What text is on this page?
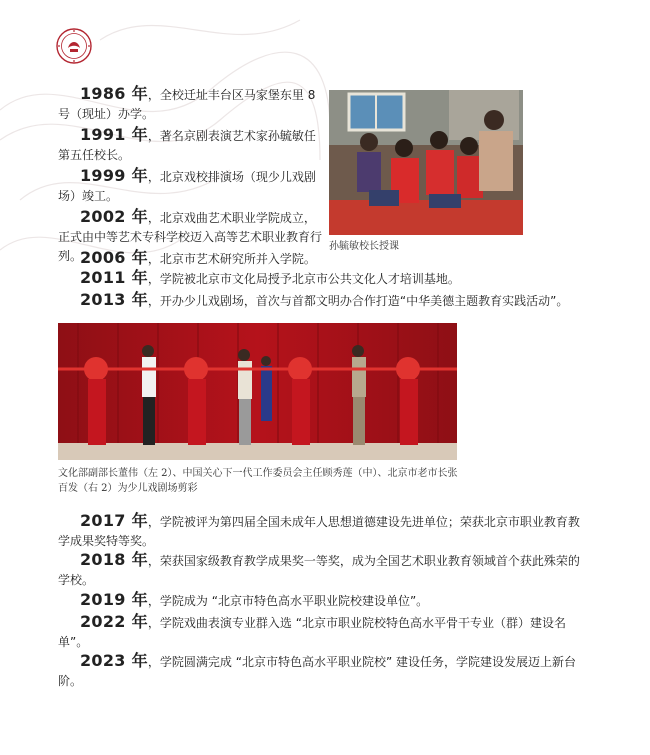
1986 年，全校迁址丰台区马家堡东里 8 号（现址）办学。
1991 年，著名京剧表演艺术家孙毓敏任第五任校长。
1999 年，北京戏校排演场（现少儿戏剧场）竣工。
2002 年，北京戏曲艺术职业学院成立，正式由中等艺术专科学校迈入高等艺术职业教育行列。
2006 年，北京市艺术研究所并入学院。
2011 年，学院被北京市文化局授予北京市公共文化人才培训基地。
2013 年，开办少儿戏剧场，首次与首都文明办合作打造“中华美德主题教育实践活动”。
孙毓敏校长授课
文化部副部长董伟（左 2）、中国关心下一代工作委员会主任顾秀莲（中）、北京市老市长张百发（右 2）为少儿戏剧场剪彩
2017 年，学院被评为第四届全国未成年人思想道德建设先进单位；荣获北京市职业教育教学成果奖特等奖。
2018 年，荣获国家级教育教学成果奖一等奖，成为全国艺术职业教育领域首个获此殊荣的学校。
2019 年，学院成为 “北京市特色高水平职业院校建设单位”。
2022 年，学院戏曲表演专业群入选 “北京市职业院校特色高水平骨干专业（群）建设名单”。
2023 年，学院圆满完成 “北京市特色高水平职业院校” 建设任务，学院建设发展迈上新台阶。
